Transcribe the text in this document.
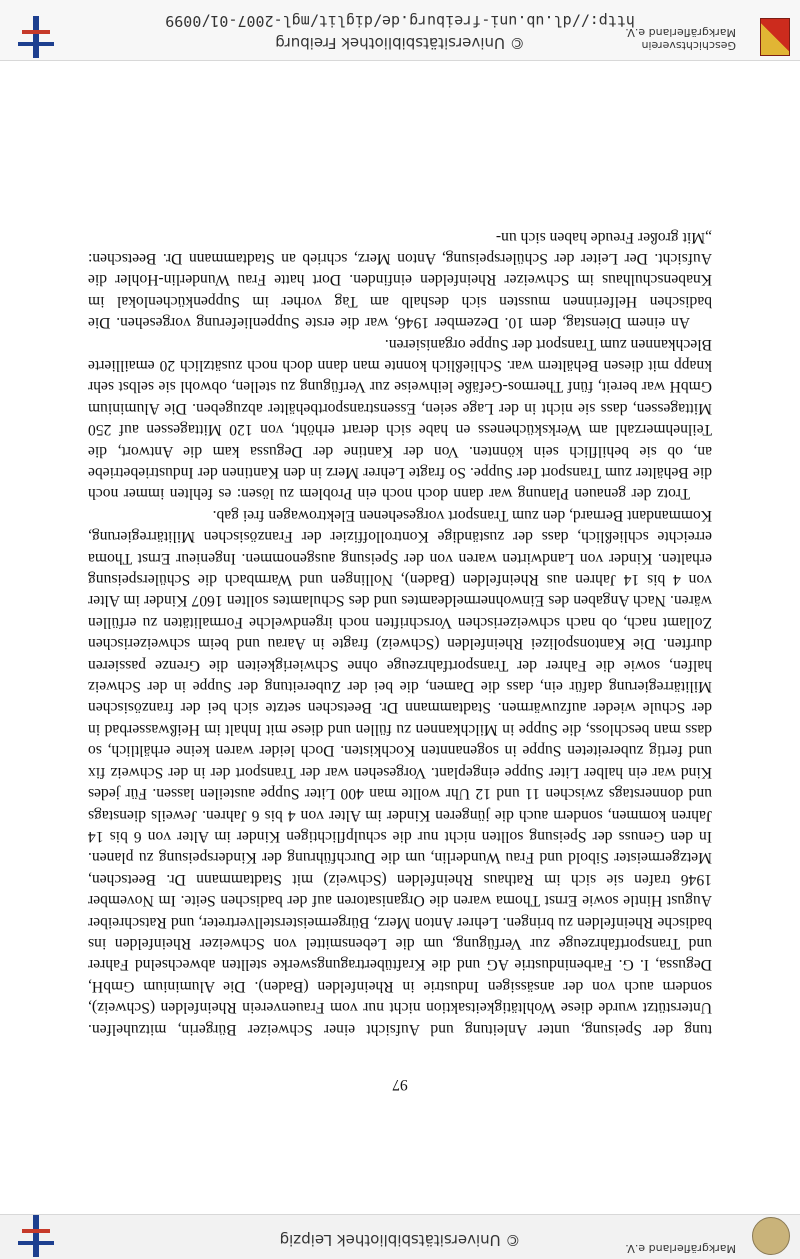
Markgräflerland e.V.
© Universitätsbibliothek Leipzig
97

tung der Speisung, unter Anleitung und Aufsicht einer Schweizer Bürgerin, mitzuhelfen. Unterstützt wurde diese Wohltätigkeitsaktion nicht nur vom Frauenverein Rheinfelden (Schweiz), sondern auch von der ansässigen Industrie in Rheinfelden (Baden). Die Aluminium GmbH, Degussa, I. G. Farbenindustrie AG und die Kraftübertragungswerke stellten abwechselnd Fahrer und Transportfahrzeuge zur Verfügung, um die Lebensmittel von Schweizer Rheinfelden ins badische Rheinfelden zu bringen. Lehrer Anton Merz, Bürgermeisterstellvertreter, und Ratschreiber August Hintle sowie Ernst Thoma waren die Organisatoren auf der badischen Seite. Im November 1946 trafen sie sich im Rathaus Rheinfelden (Schweiz) mit Stadtammann Dr. Beetschen, Metzgermeister Sibold und Frau Wunderlin, um die Durchführung der Kinderspeisung zu planen. In den Genuss der Speisung sollten nicht nur die schulpflichtigen Kinder im Alter von 6 bis 14 Jahren kommen, sondern auch die jüngeren Kinder im Alter von 4 bis 6 Jahren. Jeweils dienstags und donnerstags zwischen 11 und 12 Uhr wollte man 400 Liter Suppe austeilen lassen. Für jedes Kind war ein halber Liter Suppe eingeplant. Vorgesehen war der Transport der in der Schweiz fix und fertig zubereiteten Suppe in sogenannten Kochkisten. Doch leider waren keine erhältlich, so dass man beschloss, die Suppe in Milchkannen zu füllen und diese mit Inhalt im Heißwasserbad in der Schule wieder aufzuwärmen. Stadtammann Dr. Beetschen setzte sich bei der französischen Militärregierung dafür ein, dass die Damen, die bei der Zubereitung der Suppe in der Schweiz halfen, sowie die Fahrer der Transportfahrzeuge ohne Schwierigkeiten die Grenze passieren durften. Die Kantonspolizei Rheinfelden (Schweiz) fragte in Aarau und beim schweizerischen Zollamt nach, ob nach schweizerischen Vorschriften noch irgendwelche Formalitäten zu erfüllen wären. Nach Angaben des Einwohnermeldeamtes und des Schulamtes sollten 1607 Kinder im Alter von 4 bis 14 Jahren aus Rheinfelden (Baden), Nollingen und Warmbach die Schülerspeisung erhalten. Kinder von Landwirten waren von der Speisung ausgenommen. Ingenieur Ernst Thoma erreichte schließlich, dass der zuständige Kontrolloffizier der Französischen Militärregierung, Kommandant Bernard, den zum Transport vorgesehenen Elektrowagen frei gab.

Trotz der genauen Planung war dann doch noch ein Problem zu lösen: es fehlten immer noch die Behälter zum Transport der Suppe. So fragte Lehrer Merz in den Kantinen der Industriebetriebe an, ob sie behilflich sein könnten. Von der Kantine der Degussa kam die Antwort, die Teilnehmerzahl am Werkskücheness en habe sich derart erhöht, von 120 Mittagessen auf 250 Mittagessen, dass sie nicht in der Lage seien, Essenstransportbehälter abzugeben. Die Aluminium GmbH war bereit, fünf Thermos-Gefäße leihweise zur Verfügung zu stellen, obwohl sie selbst sehr knapp mit diesen Behältern war. Schließlich konnte man dann doch noch zusätzlich 20 emaillierte Blechkannen zum Transport der Suppe organisieren.

An einem Dienstag, dem 10. Dezember 1946, war die erste Suppenlieferung vorgesehen. Die badischen Helferinnen mussten sich deshalb am Tag vorher im Suppenküchenlokal im Knabenschulhaus im Schweizer Rheinfelden einfinden. Dort hatte Frau Wunderlin-Hohler die Aufsicht. Der Leiter der Schülerspeisung, Anton Merz, schrieb an Stadtammann Dr. Beetschen: „Mit großer Freude haben sich un-

Geschichtsverein
Markgräflerland e.V.
© Universitätsbibliothek Freiburg
http://dl.ub.uni-freiburg.de/diglit/mgl-2007-01/0099
